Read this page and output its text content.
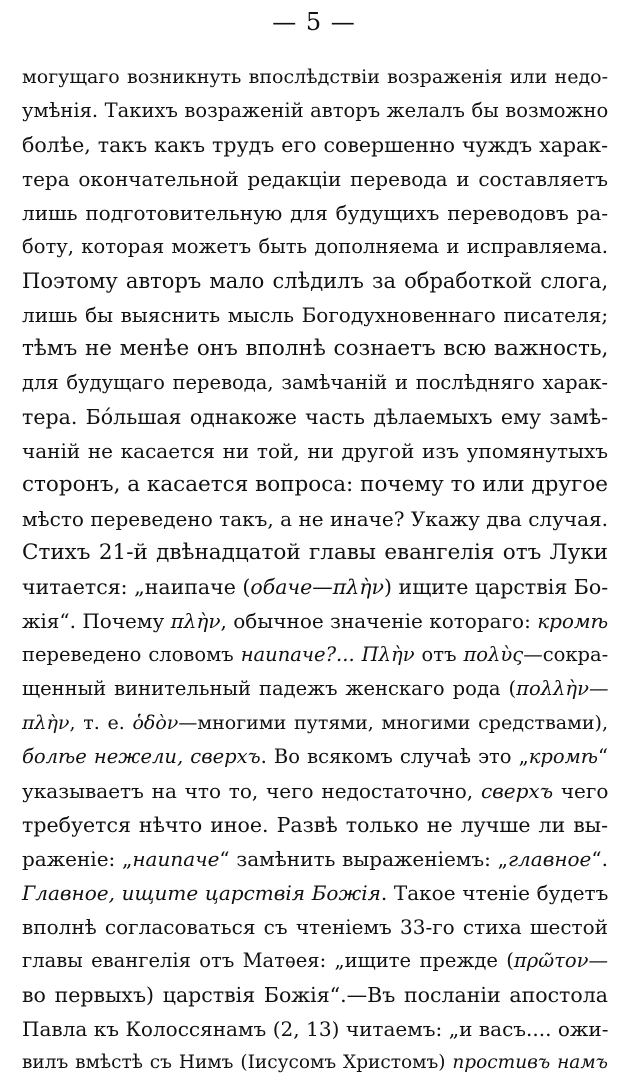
— 5 —
могущаго возникнуть впослѣдствiи возраженiя или недо-
умѣнiя. Такихъ возраженiй авторъ желалъ бы возможно
болѣе, такъ какъ трудъ его совершенно чуждъ харак-
тера окончательной редакцiи перевода и составляетъ
лишь подготовительную для будущихъ переводовъ ра-
боту, которая можетъ быть дополняема и исправляема.
Поэтому авторъ мало слѣдилъ за обработкой слога,
лишь бы выяснить мысль Богодухновеннаго писателя;
тѣмъ не менѣе онъ вполнѣ сознаетъ всю важность,
для будущаго перевода, замѣчанiй и послѣдняго харак-
тера. Бóльшая однакоже часть дѣлаемыхъ ему замѣ-
чанiй не касается ни той, ни другой изъ упомянутыхъ
сторонъ, а касается вопроса: почему то или другое
мѣсто переведено такъ, а не иначе? Укажу два случая.
Стихъ 21-й двѣнадцатой главы евангелiя отъ Луки
читается: „наипаче (обаче—πλὴν) ищите царствiя Бо-
жiя“. Почему πλὴν, обычное значенiе котораго: кромѣ
переведено словомъ наипаче?... Πλὴν отъ πολὺς—сокра-
щенный винительный падежъ женскаго рода (πολλὴν—
πλὴν, т. е. ὁδὸν—многими путями, многими средствами),
болѣе нежели, сверхъ. Во всякомъ случаѣ это „кромѣ“
указываетъ на что то, чего недостаточно, сверхъ чего
требуется нѣчто иное. Развѣ только не лучше ли вы-
раженiе: „наипаче“ замѣнить выраженiемъ: „главное“.
Главное, ищите царствiя Божiя. Такое чтенiе будетъ
вполнѣ согласоваться съ чтенiемъ 33-го стиха шестой
главы евангелiя отъ Матѳея: „ищите прежде (πρῶτον—
во первыхъ) царствiя Божiя“.—Въ посланiи апостола
Павла къ Колоссянамъ (2, 13) читаемъ: „и васъ.... ожи-
вилъ вмѣстѣ съ Нимъ (Iисусомъ Христомъ) простивъ намъ
